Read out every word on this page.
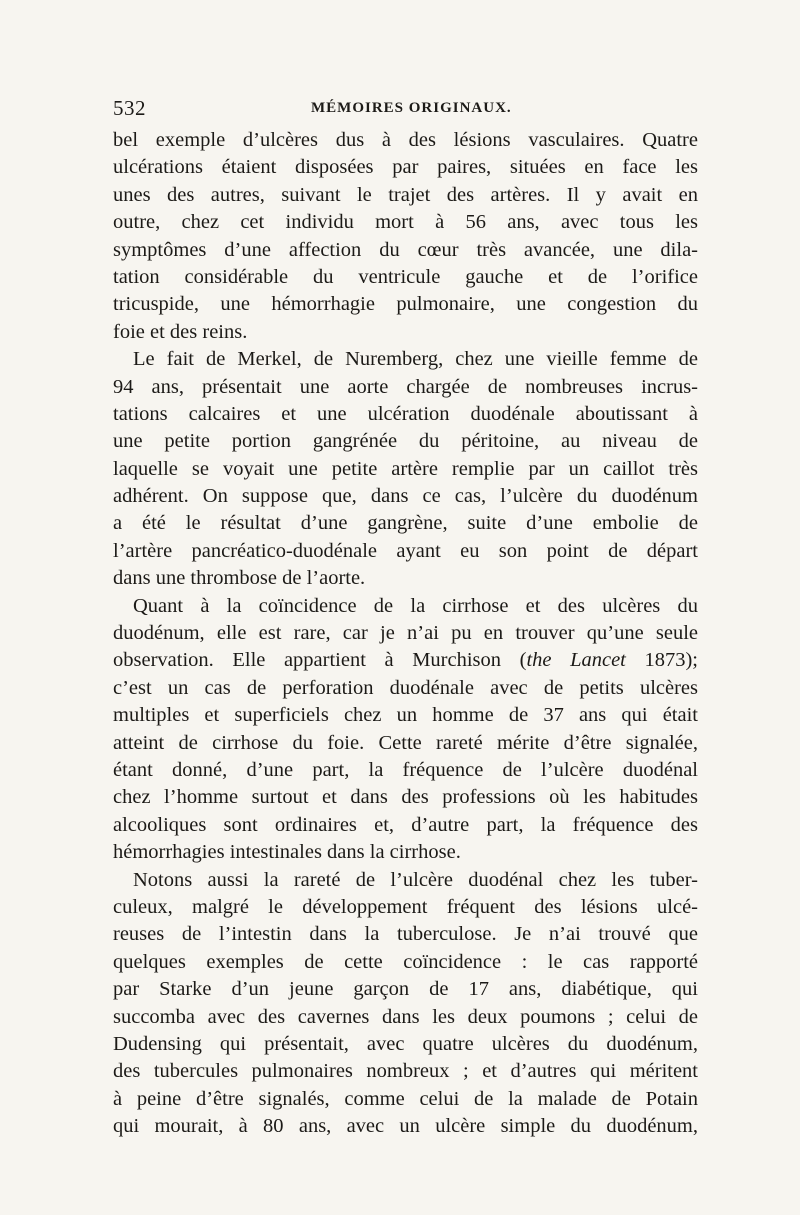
532	MÉMOIRES ORIGINAUX.
bel exemple d’ulcères dus à des lésions vasculaires. Quatre
ulcérations étaient disposées par paires, situées en face les
unes des autres, suivant le trajet des artères. Il y avait en
outre, chez cet individu mort à 56 ans, avec tous les
symptômes d’une affection du cœur très avancée, une dila-
tation considérable du ventricule gauche et de l’orifice
tricuspide, une hémorrhagie pulmonaire, une congestion du
foie et des reins.
Le fait de Merkel, de Nuremberg, chez une vieille femme de
94 ans, présentait une aorte chargée de nombreuses incrus-
tations calcaires et une ulcération duodénale aboutissant à
une petite portion gangrénée du péritoine, au niveau de
laquelle se voyait une petite artère remplie par un caillot très
adhérent. On suppose que, dans ce cas, l’ulcère du duodénum
a été le résultat d’une gangrène, suite d’une embolie de
l’artère pancréatico-duodénale ayant eu son point de départ
dans une thrombose de l’aorte.
Quant à la coïncidence de la cirrhose et des ulcères du
duodénum, elle est rare, car je n’ai pu en trouver qu’une seule
observation. Elle appartient à Murchison (the Lancet 1873);
c’est un cas de perforation duodénale avec de petits ulcères
multiples et superficiels chez un homme de 37 ans qui était
atteint de cirrhose du foie. Cette rareté mérite d’être signalée,
étant donné, d’une part, la fréquence de l’ulcère duodénal
chez l’homme surtout et dans des professions où les habitudes
alcooliques sont ordinaires et, d’autre part, la fréquence des
hémorrhagies intestinales dans la cirrhose.
Notons aussi la rareté de l’ulcère duodénal chez les tuber-
culeux, malgré le développement fréquent des lésions ulcé-
reuses de l’intestin dans la tuberculose. Je n’ai trouvé que
quelques exemples de cette coïncidence : le cas rapporté
par Starke d’un jeune garçon de 17 ans, diabétique, qui
succomba avec des cavernes dans les deux poumons ; celui de
Dudensing qui présentait, avec quatre ulcères du duodénum,
des tubercules pulmonaires nombreux ; et d’autres qui méritent
à peine d’être signalés, comme celui de la malade de Potain
qui mourait, à 80 ans, avec un ulcère simple du duodénum,
